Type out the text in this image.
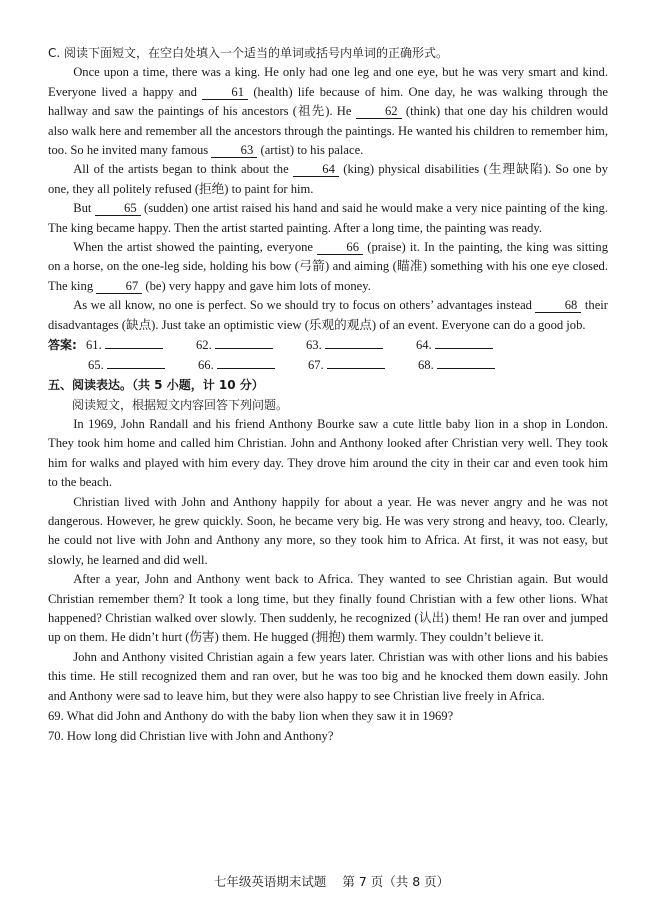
C. 阅读下面短文，在空白处填入一个适当的单词或括号内单词的正确形式。

Once upon a time, there was a king. He only had one leg and one eye, but he was very smart and kind. Everyone lived a happy and 61 (health) life because of him. One day, he was walking through the hallway and saw the paintings of his ancestors (祖先). He 62 (think) that one day his children would also walk here and remember all the ancestors through the paintings. He wanted his children to remember him, too. So he invited many famous 63 (artist) to his palace.

All of the artists began to think about the 64 (king) physical disabilities (生理缺陷). So one by one, they all politely refused (拒绝) to paint for him.

But 65 (sudden) one artist raised his hand and said he would make a very nice painting of the king. The king became happy. Then the artist started painting. After a long time, the painting was ready.

When the artist showed the painting, everyone 66 (praise) it. In the painting, the king was sitting on a horse, on the one-leg side, holding his bow (弓箭) and aiming (瞄准) something with his one eye closed. The king 67 (be) very happy and gave him lots of money.

As we all know, no one is perfect. So we should try to focus on others’ advantages instead 68 their disadvantages (缺点). Just take an optimistic view (乐观的观点) of an event. Everyone can do a good job.

答案: 61.	62.	63.	64.
65.	66.	67.	68.

五、阅读表达。（共 5 小题，计 10 分）

阅读短文，根据短文内容回答下列问题。

In 1969, John Randall and his friend Anthony Bourke saw a cute little baby lion in a shop in London. They took him home and called him Christian. John and Anthony looked after Christian very well. They took him for walks and played with him every day. They drove him around the city in their car and even took him to the beach.

Christian lived with John and Anthony happily for about a year. He was never angry and he was not dangerous. However, he grew quickly. Soon, he became very big. He was very strong and heavy, too. Clearly, he could not live with John and Anthony any more, so they took him to Africa. At first, it was not easy, but slowly, he learned and did well.

After a year, John and Anthony went back to Africa. They wanted to see Christian again. But would Christian remember them? It took a long time, but they finally found Christian with a few other lions. What happened? Christian walked over slowly. Then suddenly, he recognized (认出) them! He ran over and jumped up on them. He didn’t hurt (伤害) them. He hugged (拥抱) them warmly. They couldn’t believe it.

John and Anthony visited Christian again a few years later. Christian was with other lions and his babies this time. He still recognized them and ran over, but he was too big and he knocked them down easily. John and Anthony were sad to leave him, but they were also happy to see Christian live freely in Africa.

69. What did John and Anthony do with the baby lion when they saw it in 1969?

70. How long did Christian live with John and Anthony?

七年级英语期末试题 第 7 页（共 8 页）
